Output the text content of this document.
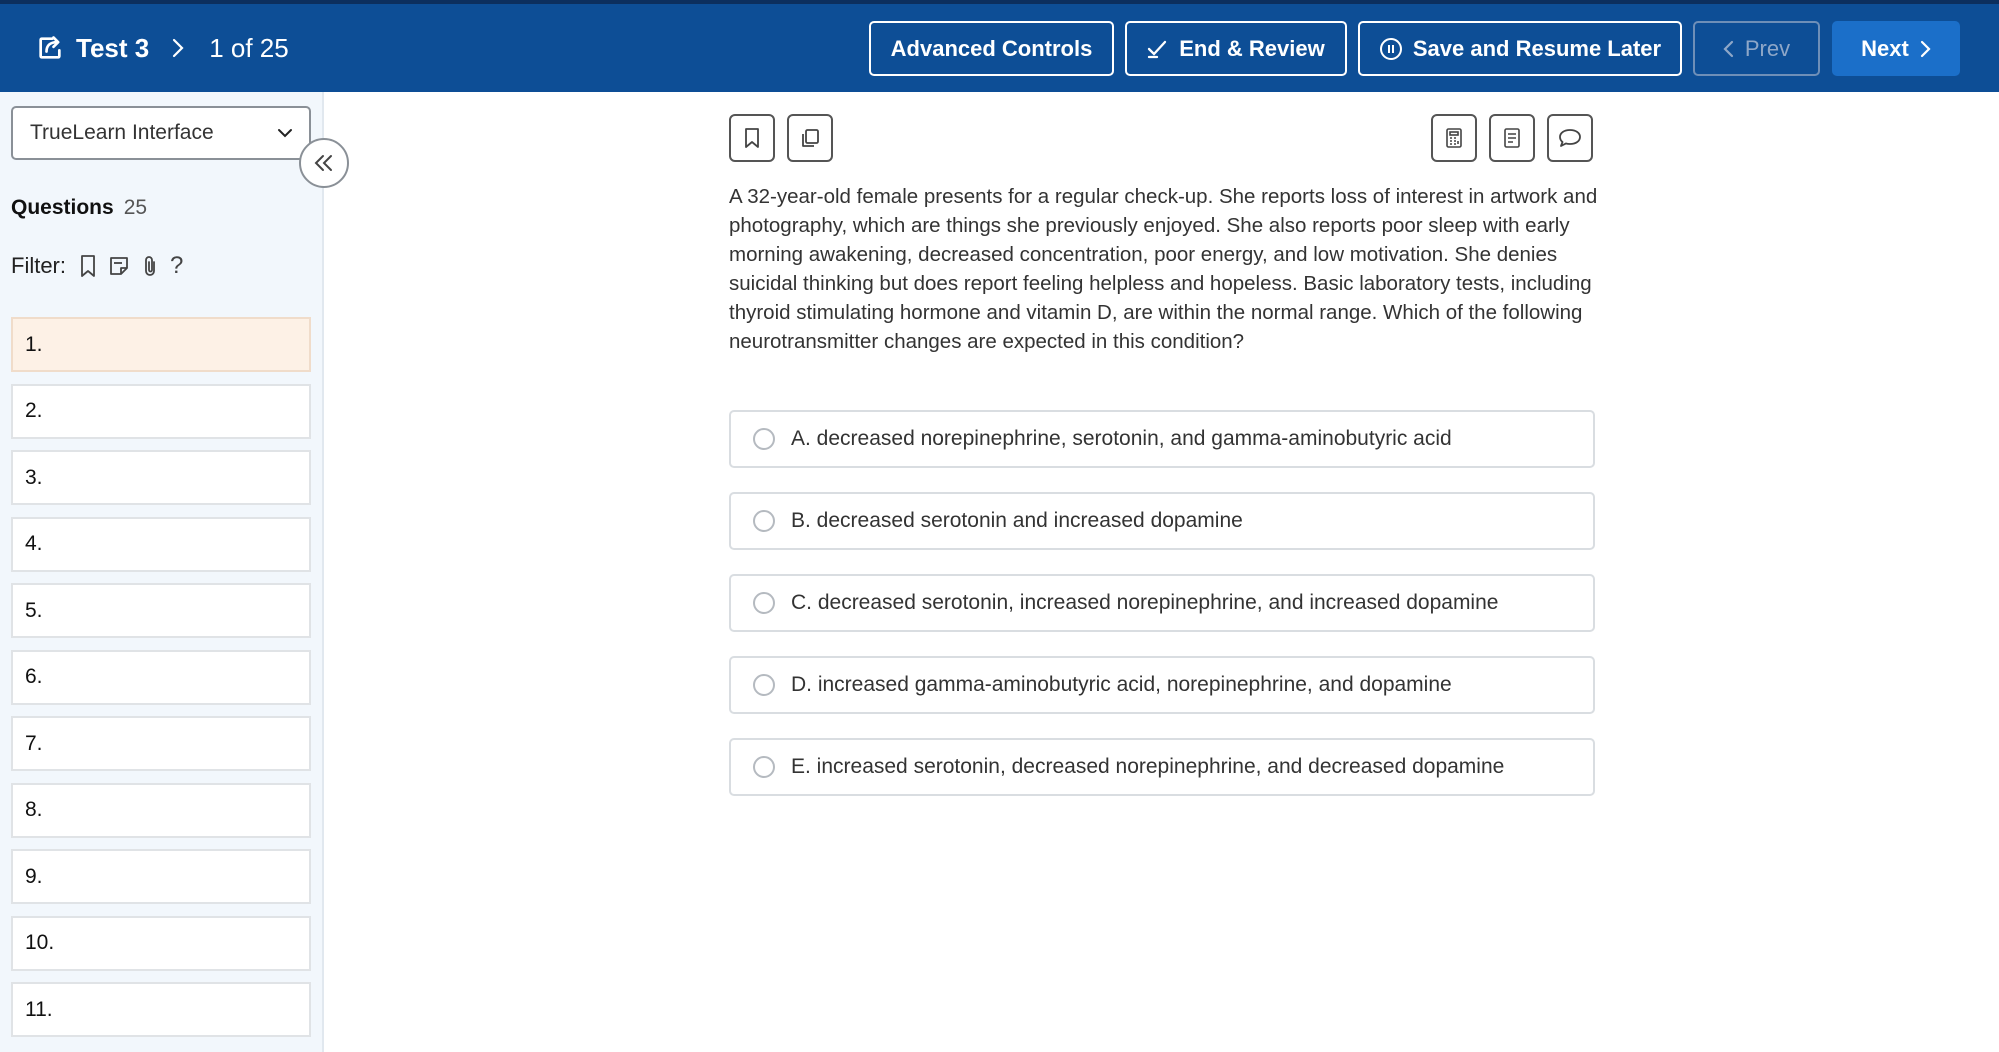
Test 3 1 of 25	Advanced Controls	End & Review	Save and Resume Later	Prev	Next
TrueLearn Interface
Questions 25
Filter:	?
1.
2.
3.
4.
5.
6.
7.
8.
9.
10.
11.

A 32-year-old female presents for a regular check-up. She reports loss of interest in artwork and photography, which are things she previously enjoyed. She also reports poor sleep with early morning awakening, decreased concentration, poor energy, and low motivation. She denies suicidal thinking but does report feeling helpless and hopeless. Basic laboratory tests, including thyroid stimulating hormone and vitamin D, are within the normal range. Which of the following neurotransmitter changes are expected in this condition?

A. decreased norepinephrine, serotonin, and gamma-aminobutyric acid
B. decreased serotonin and increased dopamine
C. decreased serotonin, increased norepinephrine, and increased dopamine
D. increased gamma-aminobutyric acid, norepinephrine, and dopamine
E. increased serotonin, decreased norepinephrine, and decreased dopamine
